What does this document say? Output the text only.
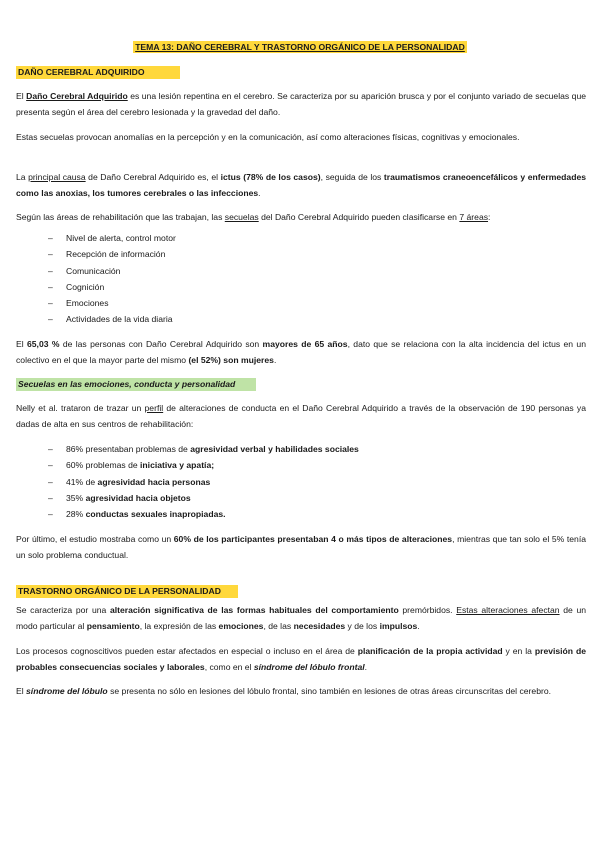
TEMA 13: DAÑO CEREBRAL Y TRASTORNO ORGÁNICO DE LA PERSONALIDAD
DAÑO CEREBRAL ADQUIRIDO

El Daño Cerebral Adquirido es una lesión repentina en el cerebro. Se caracteriza por su aparición brusca y por el conjunto variado de secuelas que presenta según el área del cerebro lesionada y la gravedad del daño.

Estas secuelas provocan anomalías en la percepción y en la comunicación, así como alteraciones físicas, cognitivas y emocionales.

La principal causa de Daño Cerebral Adquirido es, el ictus (78% de los casos), seguida de los traumatismos craneoencefálicos y enfermedades como las anoxias, los tumores cerebrales o las infecciones.

Según las áreas de rehabilitación que las trabajan, las secuelas del Daño Cerebral Adquirido pueden clasificarse en 7 áreas:

– Nivel de alerta, control motor
– Recepción de información
– Comunicación
– Cognición
– Emociones
– Actividades de la vida diaria

El 65,03 % de las personas con Daño Cerebral Adquirido son mayores de 65 años, dato que se relaciona con la alta incidencia del ictus en un colectivo en el que la mayor parte del mismo (el 52%) son mujeres.

Secuelas en las emociones, conducta y personalidad

Nelly et al. trataron de trazar un perfil de alteraciones de conducta en el Daño Cerebral Adquirido a través de la observación de 190 personas ya dadas de alta en sus centros de rehabilitación:

– 86% presentaban problemas de agresividad verbal y habilidades sociales
– 60% problemas de iniciativa y apatía;
– 41% de agresividad hacia personas
– 35% agresividad hacia objetos
– 28% conductas sexuales inapropiadas.

Por último, el estudio mostraba como un 60% de los participantes presentaban 4 o más tipos de alteraciones, mientras que tan solo el 5% tenía un solo problema conductual.

TRASTORNO ORGÁNICO DE LA PERSONALIDAD

Se caracteriza por una alteración significativa de las formas habituales del comportamiento premórbidos. Estas alteraciones afectan de un modo particular al pensamiento, la expresión de las emociones, de las necesidades y de los impulsos.

Los procesos cognoscitivos pueden estar afectados en especial o incluso en el área de planificación de la propia actividad y en la previsión de probables consecuencias sociales y laborales, como en el síndrome del lóbulo frontal.

El síndrome del lóbulo se presenta no sólo en lesiones del lóbulo frontal, sino también en lesiones de otras áreas circunscritas del cerebro.
